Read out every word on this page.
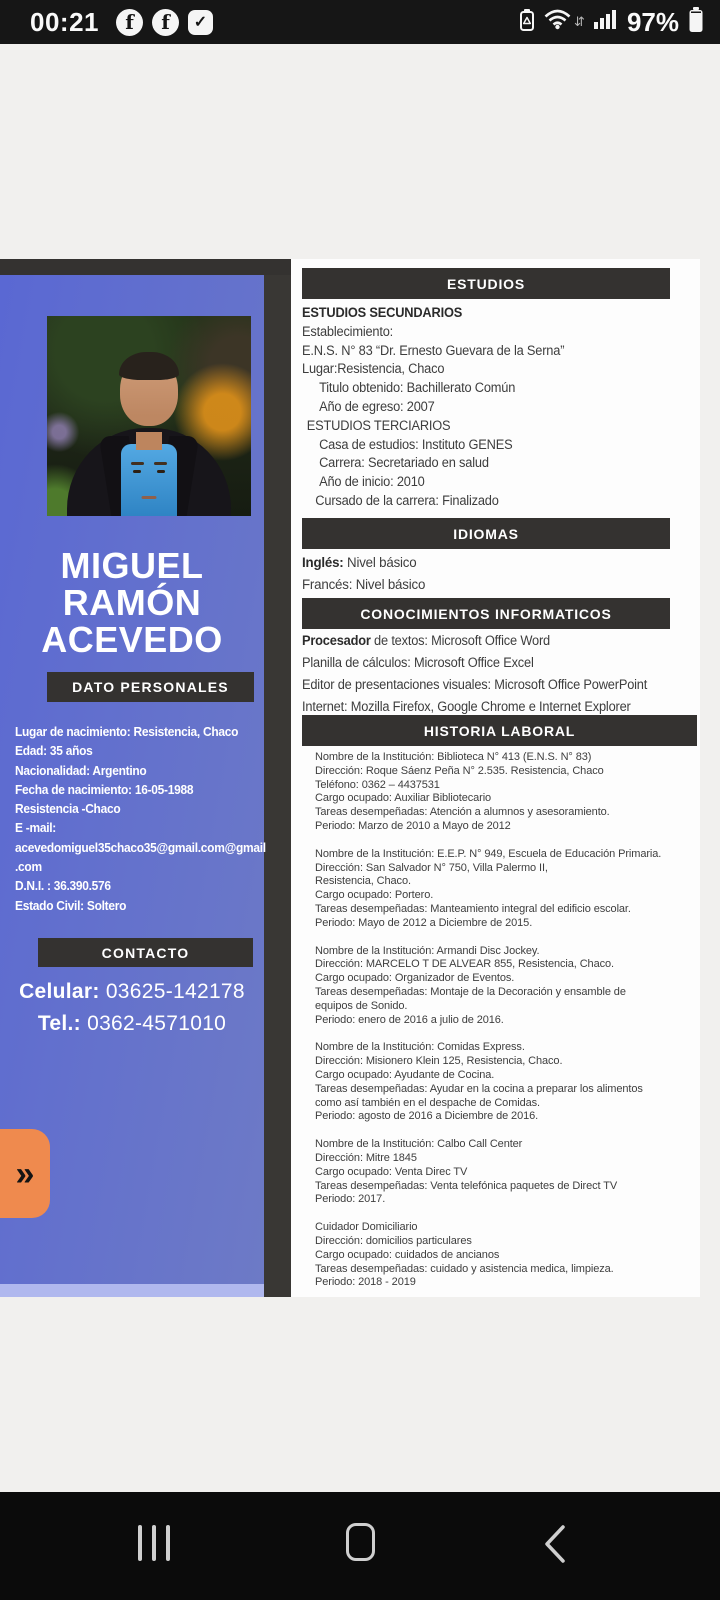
00:21	f	f	✓	⇵ 97%
MIGUEL
RAMÓN
ACEVEDO
DATO PERSONALES
Lugar de nacimiento: Resistencia, Chaco
Edad: 35 años
Nacionalidad: Argentino
Fecha de nacimiento: 16-05-1988
Resistencia -Chaco
E -mail:
acevedomiguel35chaco35@gmail.com@gmail.com
D.N.I. : 36.390.576
Estado Civil: Soltero
CONTACTO
Celular: 03625-142178
Tel.: 0362-4571010
»
ESTUDIOS
ESTUDIOS SECUNDARIOS
Establecimiento:
E.N.S. N° 83 “Dr. Ernesto Guevara de la Serna”
Lugar:Resistencia, Chaco
Titulo obtenido: Bachillerato Común
Año de egreso: 2007
ESTUDIOS TERCIARIOS
Casa de estudios: Instituto GENES
Carrera: Secretariado en salud
Año de inicio: 2010
Cursado de la carrera: Finalizado
IDIOMAS
Inglés: Nivel básico
Francés: Nivel básico
CONOCIMIENTOS INFORMATICOS
Procesador de textos: Microsoft Office Word
Planilla de cálculos: Microsoft Office Excel
Editor de presentaciones visuales: Microsoft Office PowerPoint
Internet: Mozilla Firefox, Google Chrome e Internet Explorer
HISTORIA LABORAL
Nombre de la Institución: Biblioteca N° 413 (E.N.S. N° 83)
Dirección: Roque Sáenz Peña N° 2.535. Resistencia, Chaco
Teléfono: 0362 – 4437531
Cargo ocupado: Auxiliar Bibliotecario
Tareas desempeñadas: Atención a alumnos y asesoramiento.
Periodo: Marzo de 2010 a Mayo de 2012
Nombre de la Institución: E.E.P. N° 949, Escuela de Educación Primaria.
Dirección: San Salvador N° 750, Villa Palermo II,
Resistencia, Chaco.
Cargo ocupado: Portero.
Tareas desempeñadas: Manteamiento integral del edificio escolar.
Periodo: Mayo de 2012 a Diciembre de 2015.
Nombre de la Institución: Armandi Disc Jockey.
Dirección: MARCELO T DE ALVEAR 855, Resistencia, Chaco.
Cargo ocupado: Organizador de Eventos.
Tareas desempeñadas: Montaje de la Decoración y ensamble de
equipos de Sonido.
Periodo: enero de 2016 a julio de 2016.
Nombre de la Institución: Comidas Express.
Dirección: Misionero Klein 125, Resistencia, Chaco.
Cargo ocupado: Ayudante de Cocina.
Tareas desempeñadas: Ayudar en la cocina a preparar los alimentos
como así también en el despache de Comidas.
Periodo: agosto de 2016 a Diciembre de 2016.
Nombre de la Institución: Calbo Call Center
Dirección: Mitre 1845
Cargo ocupado: Venta Direc TV
Tareas desempeñadas: Venta telefónica paquetes de Direct TV
Periodo: 2017.
Cuidador Domiciliario
Dirección: domicilios particulares
Cargo ocupado: cuidados de ancianos
Tareas desempeñadas: cuidado y asistencia medica, limpieza.
Periodo: 2018 - 2019
